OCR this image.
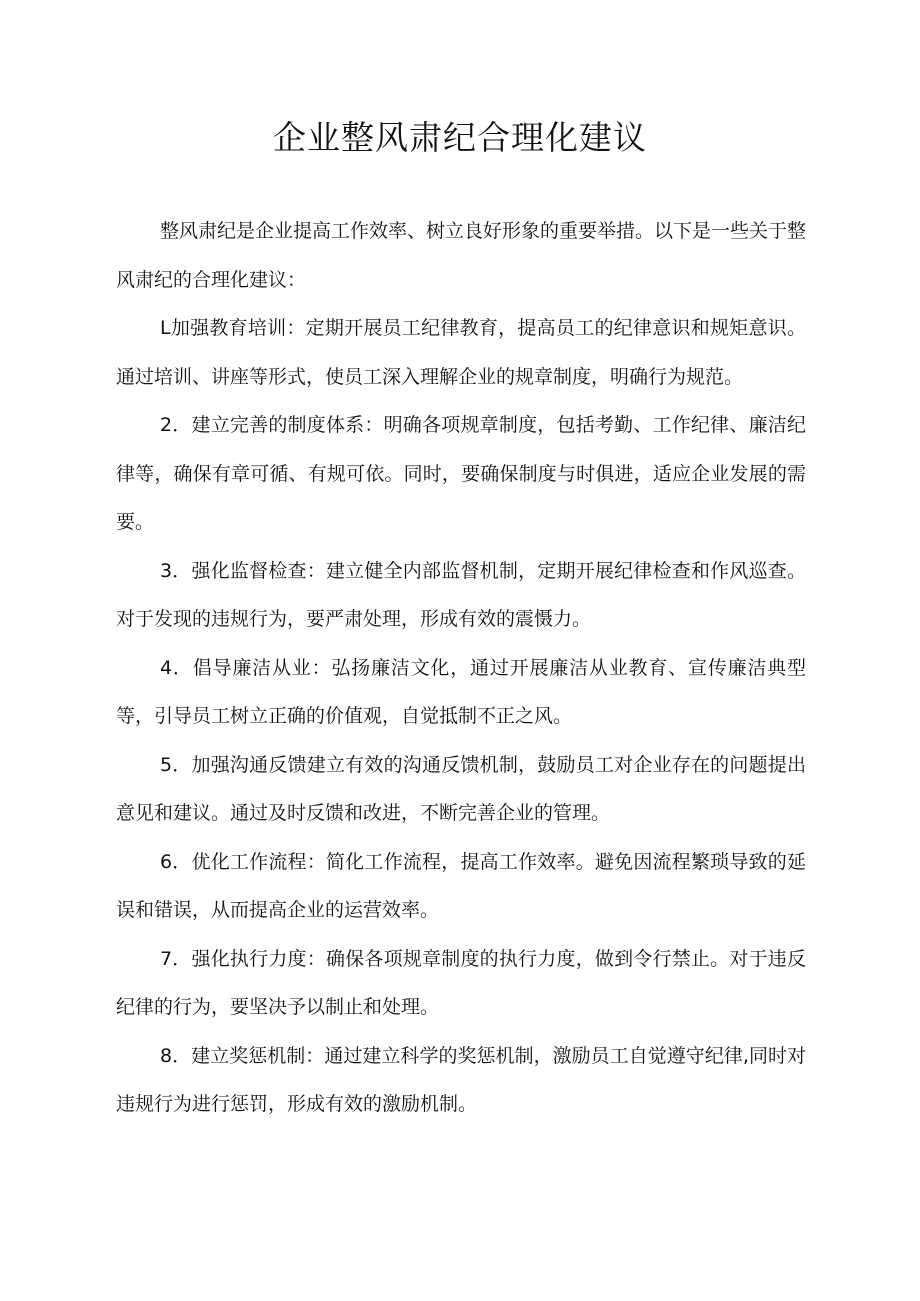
企业整风肃纪合理化建议

整风肃纪是企业提高工作效率、树立良好形象的重要举措。以下是一些关于整风肃纪的合理化建议：

L加强教育培训：定期开展员工纪律教育，提高员工的纪律意识和规矩意识。通过培训、讲座等形式，使员工深入理解企业的规章制度，明确行为规范。

2．建立完善的制度体系：明确各项规章制度，包括考勤、工作纪律、廉洁纪律等，确保有章可循、有规可依。同时，要确保制度与时俱进，适应企业发展的需要。

3．强化监督检查：建立健全内部监督机制，定期开展纪律检查和作风巡查。对于发现的违规行为，要严肃处理，形成有效的震慑力。

4．倡导廉洁从业：弘扬廉洁文化，通过开展廉洁从业教育、宣传廉洁典型等，引导员工树立正确的价值观，自觉抵制不正之风。

5．加强沟通反馈建立有效的沟通反馈机制，鼓励员工对企业存在的问题提出意见和建议。通过及时反馈和改进，不断完善企业的管理。

6．优化工作流程：简化工作流程，提高工作效率。避免因流程繁琐导致的延误和错误，从而提高企业的运营效率。

7．强化执行力度：确保各项规章制度的执行力度，做到令行禁止。对于违反纪律的行为，要坚决予以制止和处理。

8．建立奖惩机制：通过建立科学的奖惩机制，激励员工自觉遵守纪律,同时对违规行为进行惩罚，形成有效的激励机制。
